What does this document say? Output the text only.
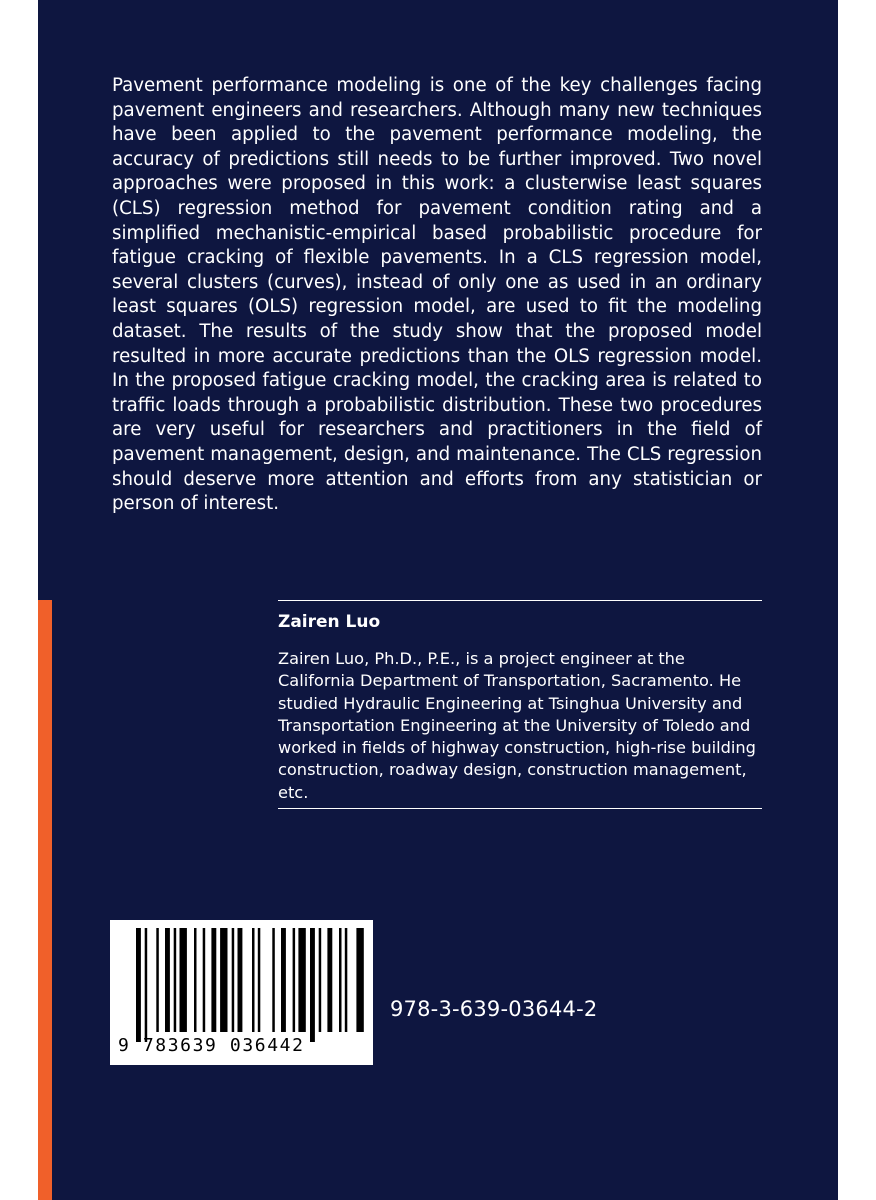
Pavement performance modeling is one of the key challenges facing pavement engineers and researchers. Although many new techniques have been applied to the pavement performance modeling, the accuracy of predictions still needs to be further improved. Two novel approaches were proposed in this work: a clusterwise least squares (CLS) regression method for pavement condition rating and a simplified mechanistic-empirical based probabilistic procedure for fatigue cracking of flexible pavements. In a CLS regression model, several clusters (curves), instead of only one as used in an ordinary least squares (OLS) regression model, are used to fit the modeling dataset. The results of the study show that the proposed model resulted in more accurate predictions than the OLS regression model. In the proposed fatigue cracking model, the cracking area is related to traffic loads through a probabilistic distribution. These two procedures are very useful for researchers and practitioners in the field of pavement management, design, and maintenance. The CLS regression should deserve more attention and efforts from any statistician or person of interest.

Zairen Luo

Zairen Luo, Ph.D., P.E., is a project engineer at the California Department of Transportation, Sacramento. He studied Hydraulic Engineering at Tsinghua University and Transportation Engineering at the University of Toledo and worked in fields of highway construction, high-rise building construction, roadway design, construction management, etc.

9 783639 036442

978-3-639-03644-2
